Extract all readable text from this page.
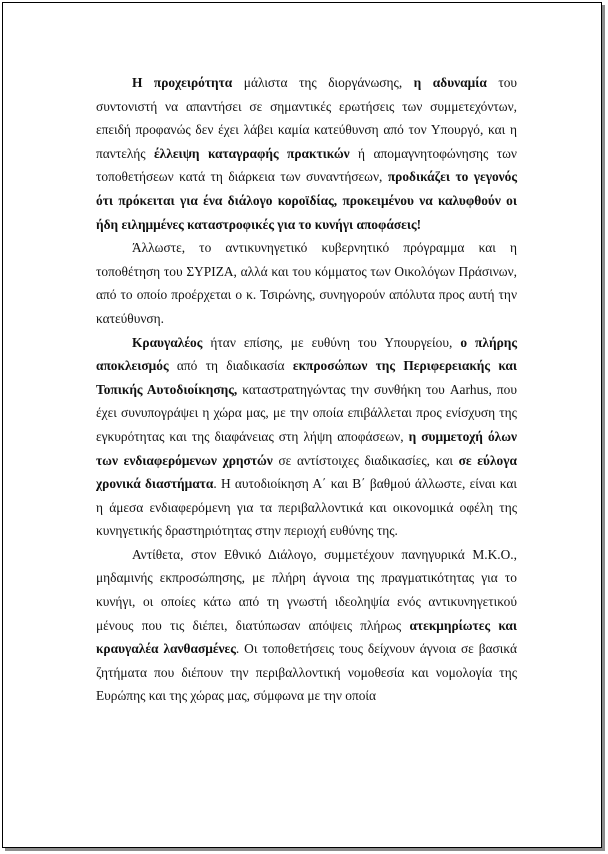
Η προχειρότητα μάλιστα της διοργάνωσης, η αδυναμία του συντονιστή να απαντήσει σε σημαντικές ερωτήσεις των συμμετεχόντων, επειδή προφανώς δεν έχει λάβει καμία κατεύθυνση από τον Υπουργό, και η παντελής έλλειψη καταγραφής πρακτικών ή απομαγνητοφώνησης των τοποθετήσεων κατά τη διάρκεια των συναντήσεων, προδικάζει το γεγονός ότι πρόκειται για ένα διάλογο κοροϊδίας, προκειμένου να καλυφθούν οι ήδη ειλημμένες καταστροφικές για το κυνήγι αποφάσεις!

Άλλωστε, το αντικυνηγετικό κυβερνητικό πρόγραμμα και η τοποθέτηση του ΣΥΡΙΖΑ, αλλά και του κόμματος των Οικολόγων Πράσινων, από το οποίο προέρχεται ο κ. Τσιρώνης, συνηγορούν απόλυτα προς αυτή την κατεύθυνση.

Κραυγαλέος ήταν επίσης, με ευθύνη του Υπουργείου, ο πλήρης αποκλεισμός από τη διαδικασία εκπροσώπων της Περιφερειακής και Τοπικής Αυτοδιοίκησης, καταστρατηγώντας την συνθήκη του Aarhus, που έχει συνυπογράψει η χώρα μας, με την οποία επιβάλλεται προς ενίσχυση της εγκυρότητας και της διαφάνειας στη λήψη αποφάσεων, η συμμετοχή όλων των ενδιαφερόμενων χρηστών σε αντίστοιχες διαδικασίες, και σε εύλογα χρονικά διαστήματα. Η αυτοδιοίκηση Α΄ και Β΄ βαθμού άλλωστε, είναι και η άμεσα ενδιαφερόμενη για τα περιβαλλοντικά και οικονομικά οφέλη της κυνηγετικής δραστηριότητας στην περιοχή ευθύνης της.

Αντίθετα, στον Εθνικό Διάλογο, συμμετέχουν πανηγυρικά Μ.Κ.Ο., μηδαμινής εκπροσώπησης, με πλήρη άγνοια της πραγματικότητας για το κυνήγι, οι οποίες κάτω από τη γνωστή ιδεοληψία ενός αντικυνηγετικού μένους που τις διέπει, διατύπωσαν απόψεις πλήρως ατεκμηρίωτες και κραυγαλέα λανθασμένες. Οι τοποθετήσεις τους δείχνουν άγνοια σε βασικά ζητήματα που διέπουν την περιβαλλοντική νομοθεσία και νομολογία της Ευρώπης και της χώρας μας, σύμφωνα με την οποία
